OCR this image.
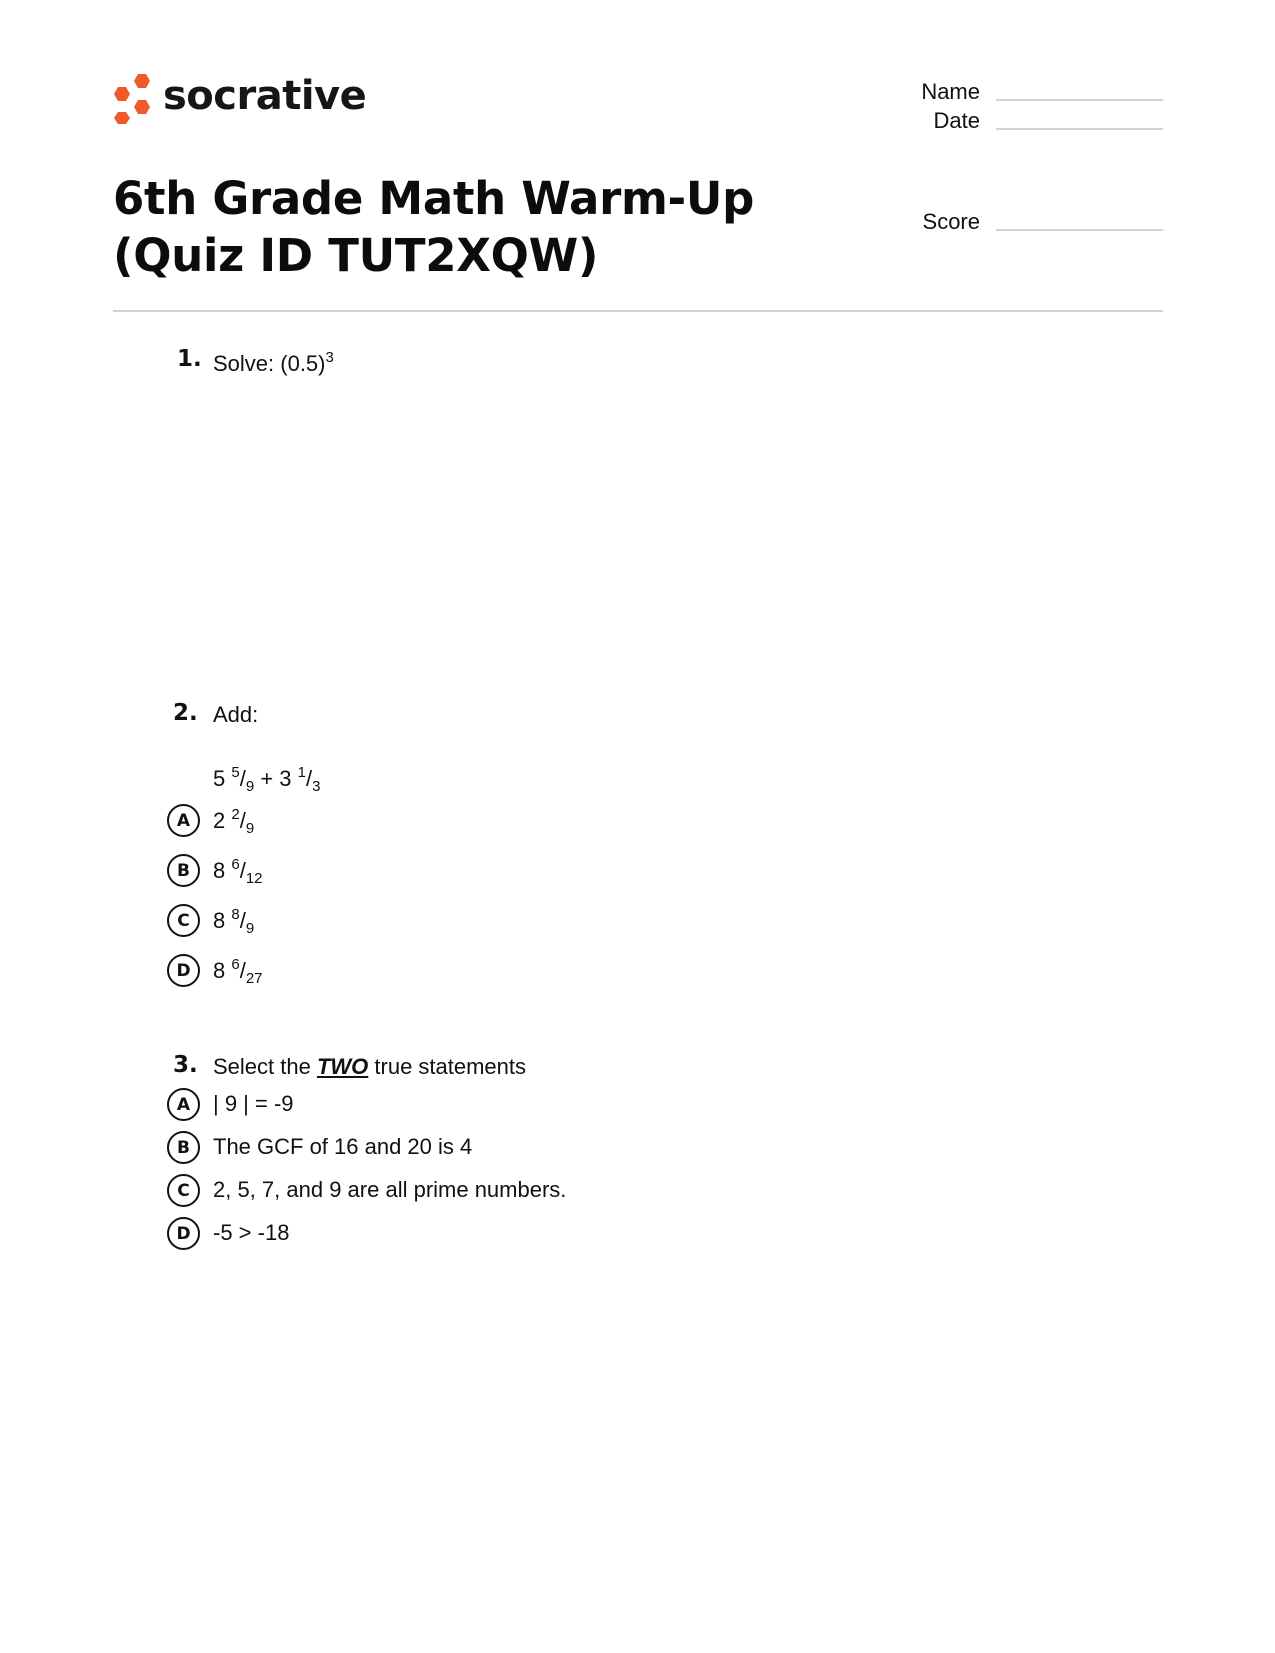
socrative	Name
Date
Score
6th Grade Math Warm-Up (Quiz ID TUT2XQW)
1. Solve: $(0.5)^3$
2. Add:
5 $^5/_9 + 3$ $^1/_3$
A	2 $^2/_9$
B	8 $^6/_{12}$
C	8 $^8/_9$
D	8 $^6/_{27}$
3. Select the TWO true statements
A	| 9 | = -9
B	The GCF of 16 and 20 is 4
C	2, 5, 7, and 9 are all prime numbers.
D	-5 > -18
